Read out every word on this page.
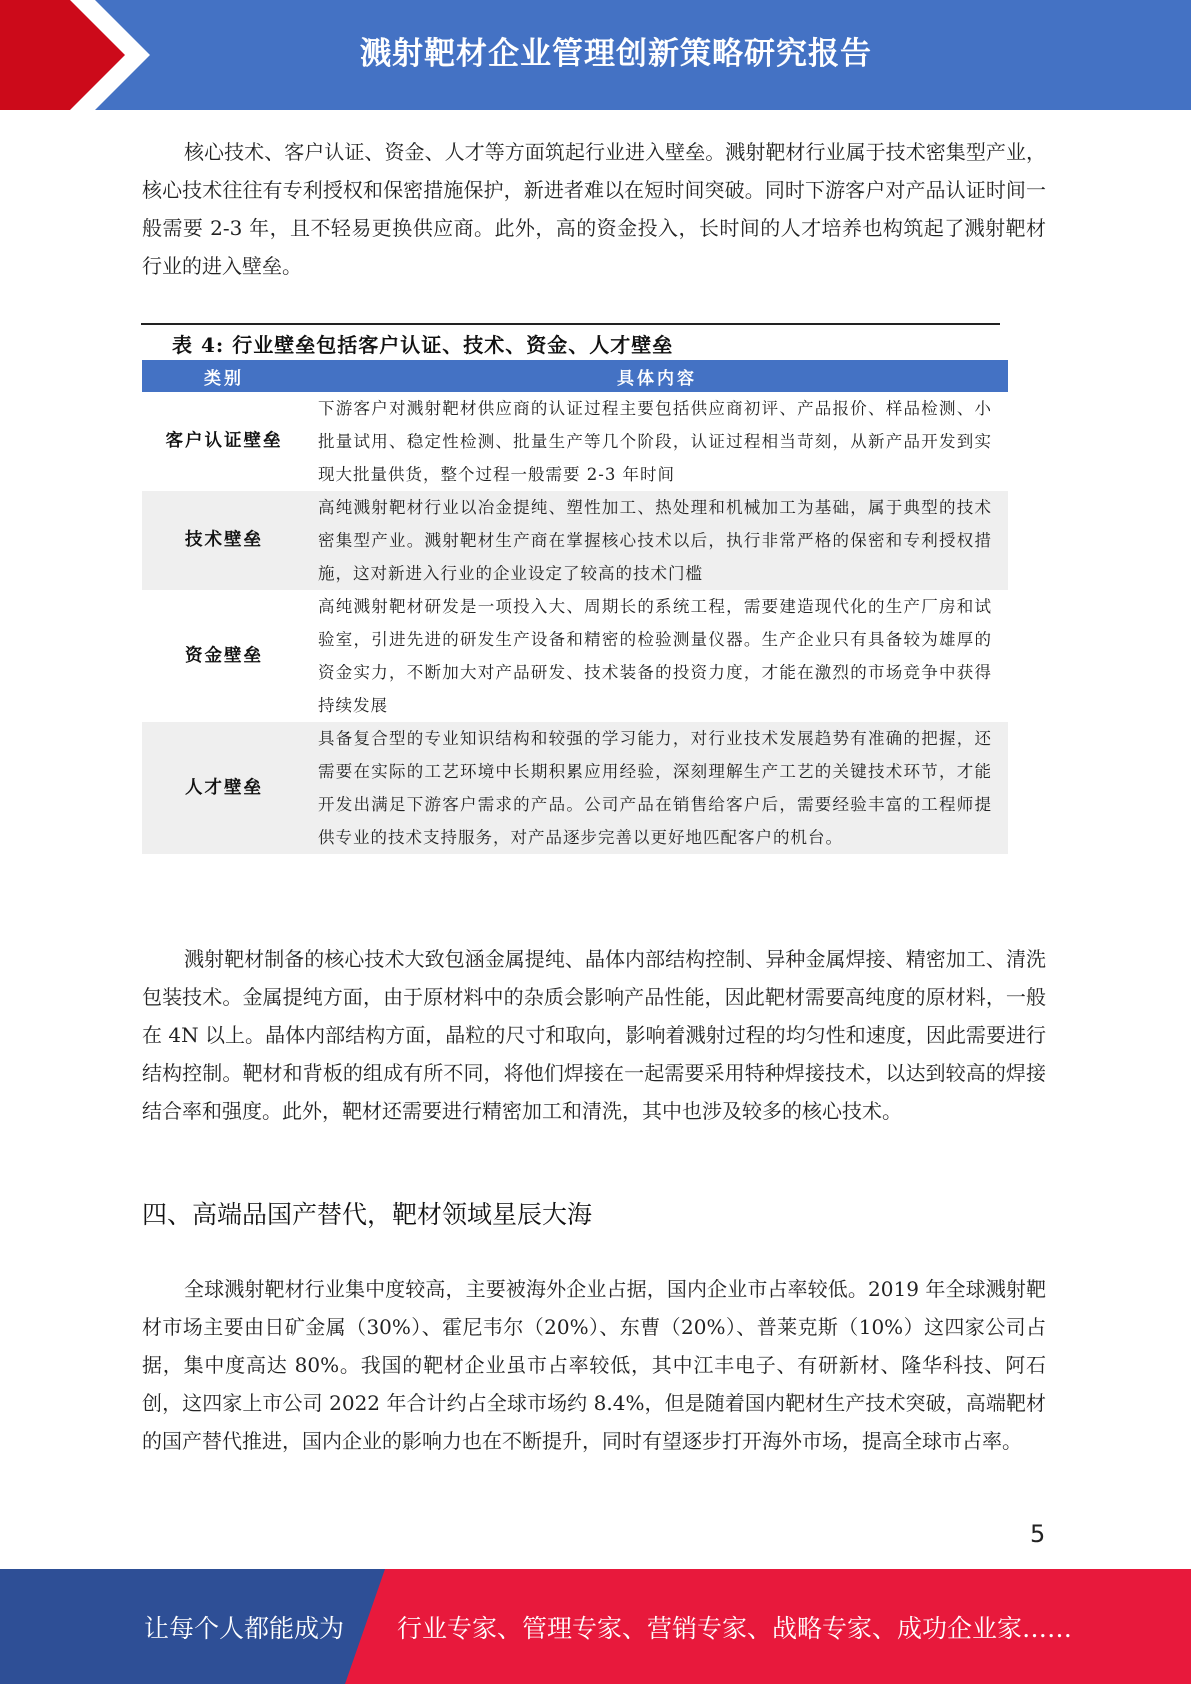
溅射靶材企业管理创新策略研究报告

核心技术、客户认证、资金、人才等方面筑起行业进入壁垒。溅射靶材行业属于技术密集型产业，核心技术往往有专利授权和保密措施保护，新进者难以在短时间突破。同时下游客户对产品认证时间一般需要 2-3 年，且不轻易更换供应商。此外，高的资金投入，长时间的人才培养也构筑起了溅射靶材行业的进入壁垒。

表 4: 行业壁垒包括客户认证、技术、资金、人才壁垒
类别	具体内容
客户认证壁垒	下游客户对溅射靶材供应商的认证过程主要包括供应商初评、产品报价、样品检测、小批量试用、稳定性检测、批量生产等几个阶段，认证过程相当苛刻，从新产品开发到实现大批量供货，整个过程一般需要 2-3 年时间
技术壁垒	高纯溅射靶材行业以冶金提纯、塑性加工、热处理和机械加工为基础，属于典型的技术密集型产业。溅射靶材生产商在掌握核心技术以后，执行非常严格的保密和专利授权措施，这对新进入行业的企业设定了较高的技术门槛
资金壁垒	高纯溅射靶材研发是一项投入大、周期长的系统工程，需要建造现代化的生产厂房和试验室，引进先进的研发生产设备和精密的检验测量仪器。生产企业只有具备较为雄厚的资金实力，不断加大对产品研发、技术装备的投资力度，才能在激烈的市场竞争中获得持续发展
人才壁垒	具备复合型的专业知识结构和较强的学习能力，对行业技术发展趋势有准确的把握，还需要在实际的工艺环境中长期积累应用经验，深刻理解生产工艺的关键技术环节，才能开发出满足下游客户需求的产品。公司产品在销售给客户后，需要经验丰富的工程师提供专业的技术支持服务，对产品逐步完善以更好地匹配客户的机台。

溅射靶材制备的核心技术大致包涵金属提纯、晶体内部结构控制、异种金属焊接、精密加工、清洗包装技术。金属提纯方面，由于原材料中的杂质会影响产品性能，因此靶材需要高纯度的原材料，一般在 4N 以上。晶体内部结构方面，晶粒的尺寸和取向，影响着溅射过程的均匀性和速度，因此需要进行结构控制。靶材和背板的组成有所不同，将他们焊接在一起需要采用特种焊接技术，以达到较高的焊接结合率和强度。此外，靶材还需要进行精密加工和清洗，其中也涉及较多的核心技术。

四、高端品国产替代，靶材领域星辰大海

全球溅射靶材行业集中度较高，主要被海外企业占据，国内企业市占率较低。2019 年全球溅射靶材市场主要由日矿金属（30%）、霍尼韦尔（20%）、东曹（20%）、普莱克斯（10%）这四家公司占据，集中度高达 80%。我国的靶材企业虽市占率较低，其中江丰电子、有研新材、隆华科技、阿石创，这四家上市公司 2022 年合计约占全球市场约 8.4%，但是随着国内靶材生产技术突破，高端靶材的国产替代推进，国内企业的影响力也在不断提升，同时有望逐步打开海外市场，提高全球市占率。

5
让每个人都能成为 行业专家、管理专家、营销专家、战略专家、成功企业家……
